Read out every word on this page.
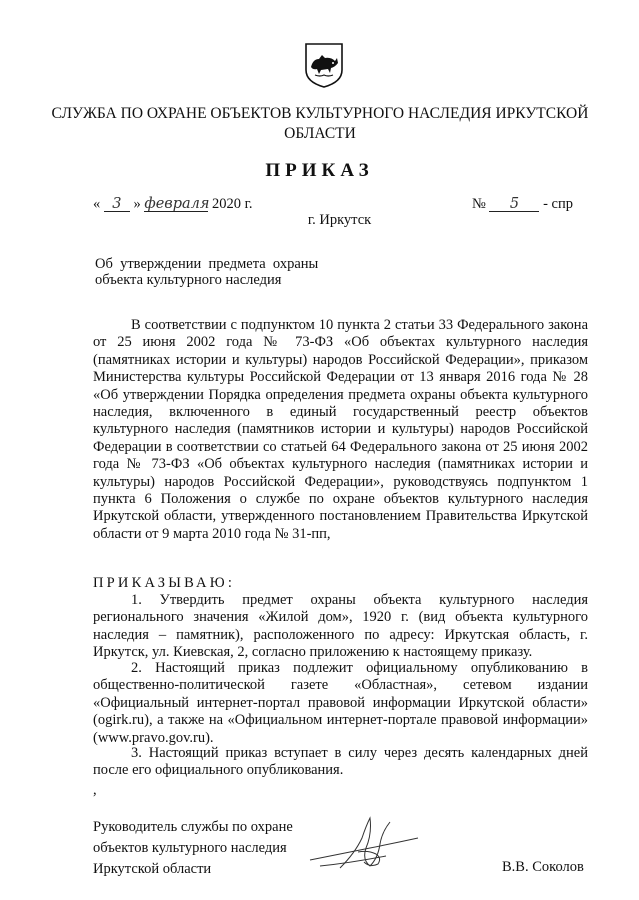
СЛУЖБА ПО ОХРАНЕ ОБЪЕКТОВ КУЛЬТУРНОГО НАСЛЕДИЯ ИРКУТСКОЙ
ОБЛАСТИ
ПРИКАЗ
« 3 » февраля 2020 г.	№ 5 - спр
г. Иркутск
Об  утверждении  предмета  охраны
объекта культурного наследия
В соответствии с подпунктом 10 пункта 2 статьи 33 Федерального закона от 25 июня 2002 года № 73-ФЗ «Об объектах культурного наследия (памятниках истории и культуры) народов Российской Федерации», приказом Министерства культуры Российской Федерации от 13 января 2016 года № 28 «Об утверждении Порядка определения предмета охраны объекта культурного наследия, включенного в единый государственный реестр объектов культурного наследия (памятников истории и культуры) народов Российской Федерации в соответствии со статьей 64 Федерального закона от 25 июня 2002 года № 73-ФЗ «Об объектах культурного наследия (памятниках истории и культуры) народов Российской Федерации», руководствуясь подпунктом 1 пункта 6 Положения о службе по охране объектов культурного наследия Иркутской области, утвержденного постановлением Правительства Иркутской области от 9 марта 2010 года № 31-пп,
ПРИКАЗЫВАЮ:
1. Утвердить предмет охраны объекта культурного наследия регионального значения «Жилой дом», 1920 г. (вид объекта культурного наследия – памятник), расположенного по адресу: Иркутская область, г. Иркутск, ул. Киевская, 2, согласно приложению к настоящему приказу.
2. Настоящий приказ подлежит официальному опубликованию в общественно-политической газете «Областная», сетевом издании «Официальный интернет-портал правовой информации Иркутской области» (ogirk.ru), а также на «Официальном интернет-портале правовой информации» (www.pravo.gov.ru).
3. Настоящий приказ вступает в силу через десять календарных дней после его официального опубликования.
,
Руководитель службы по охране
объектов культурного наследия
Иркутской области	В.В. Соколов
